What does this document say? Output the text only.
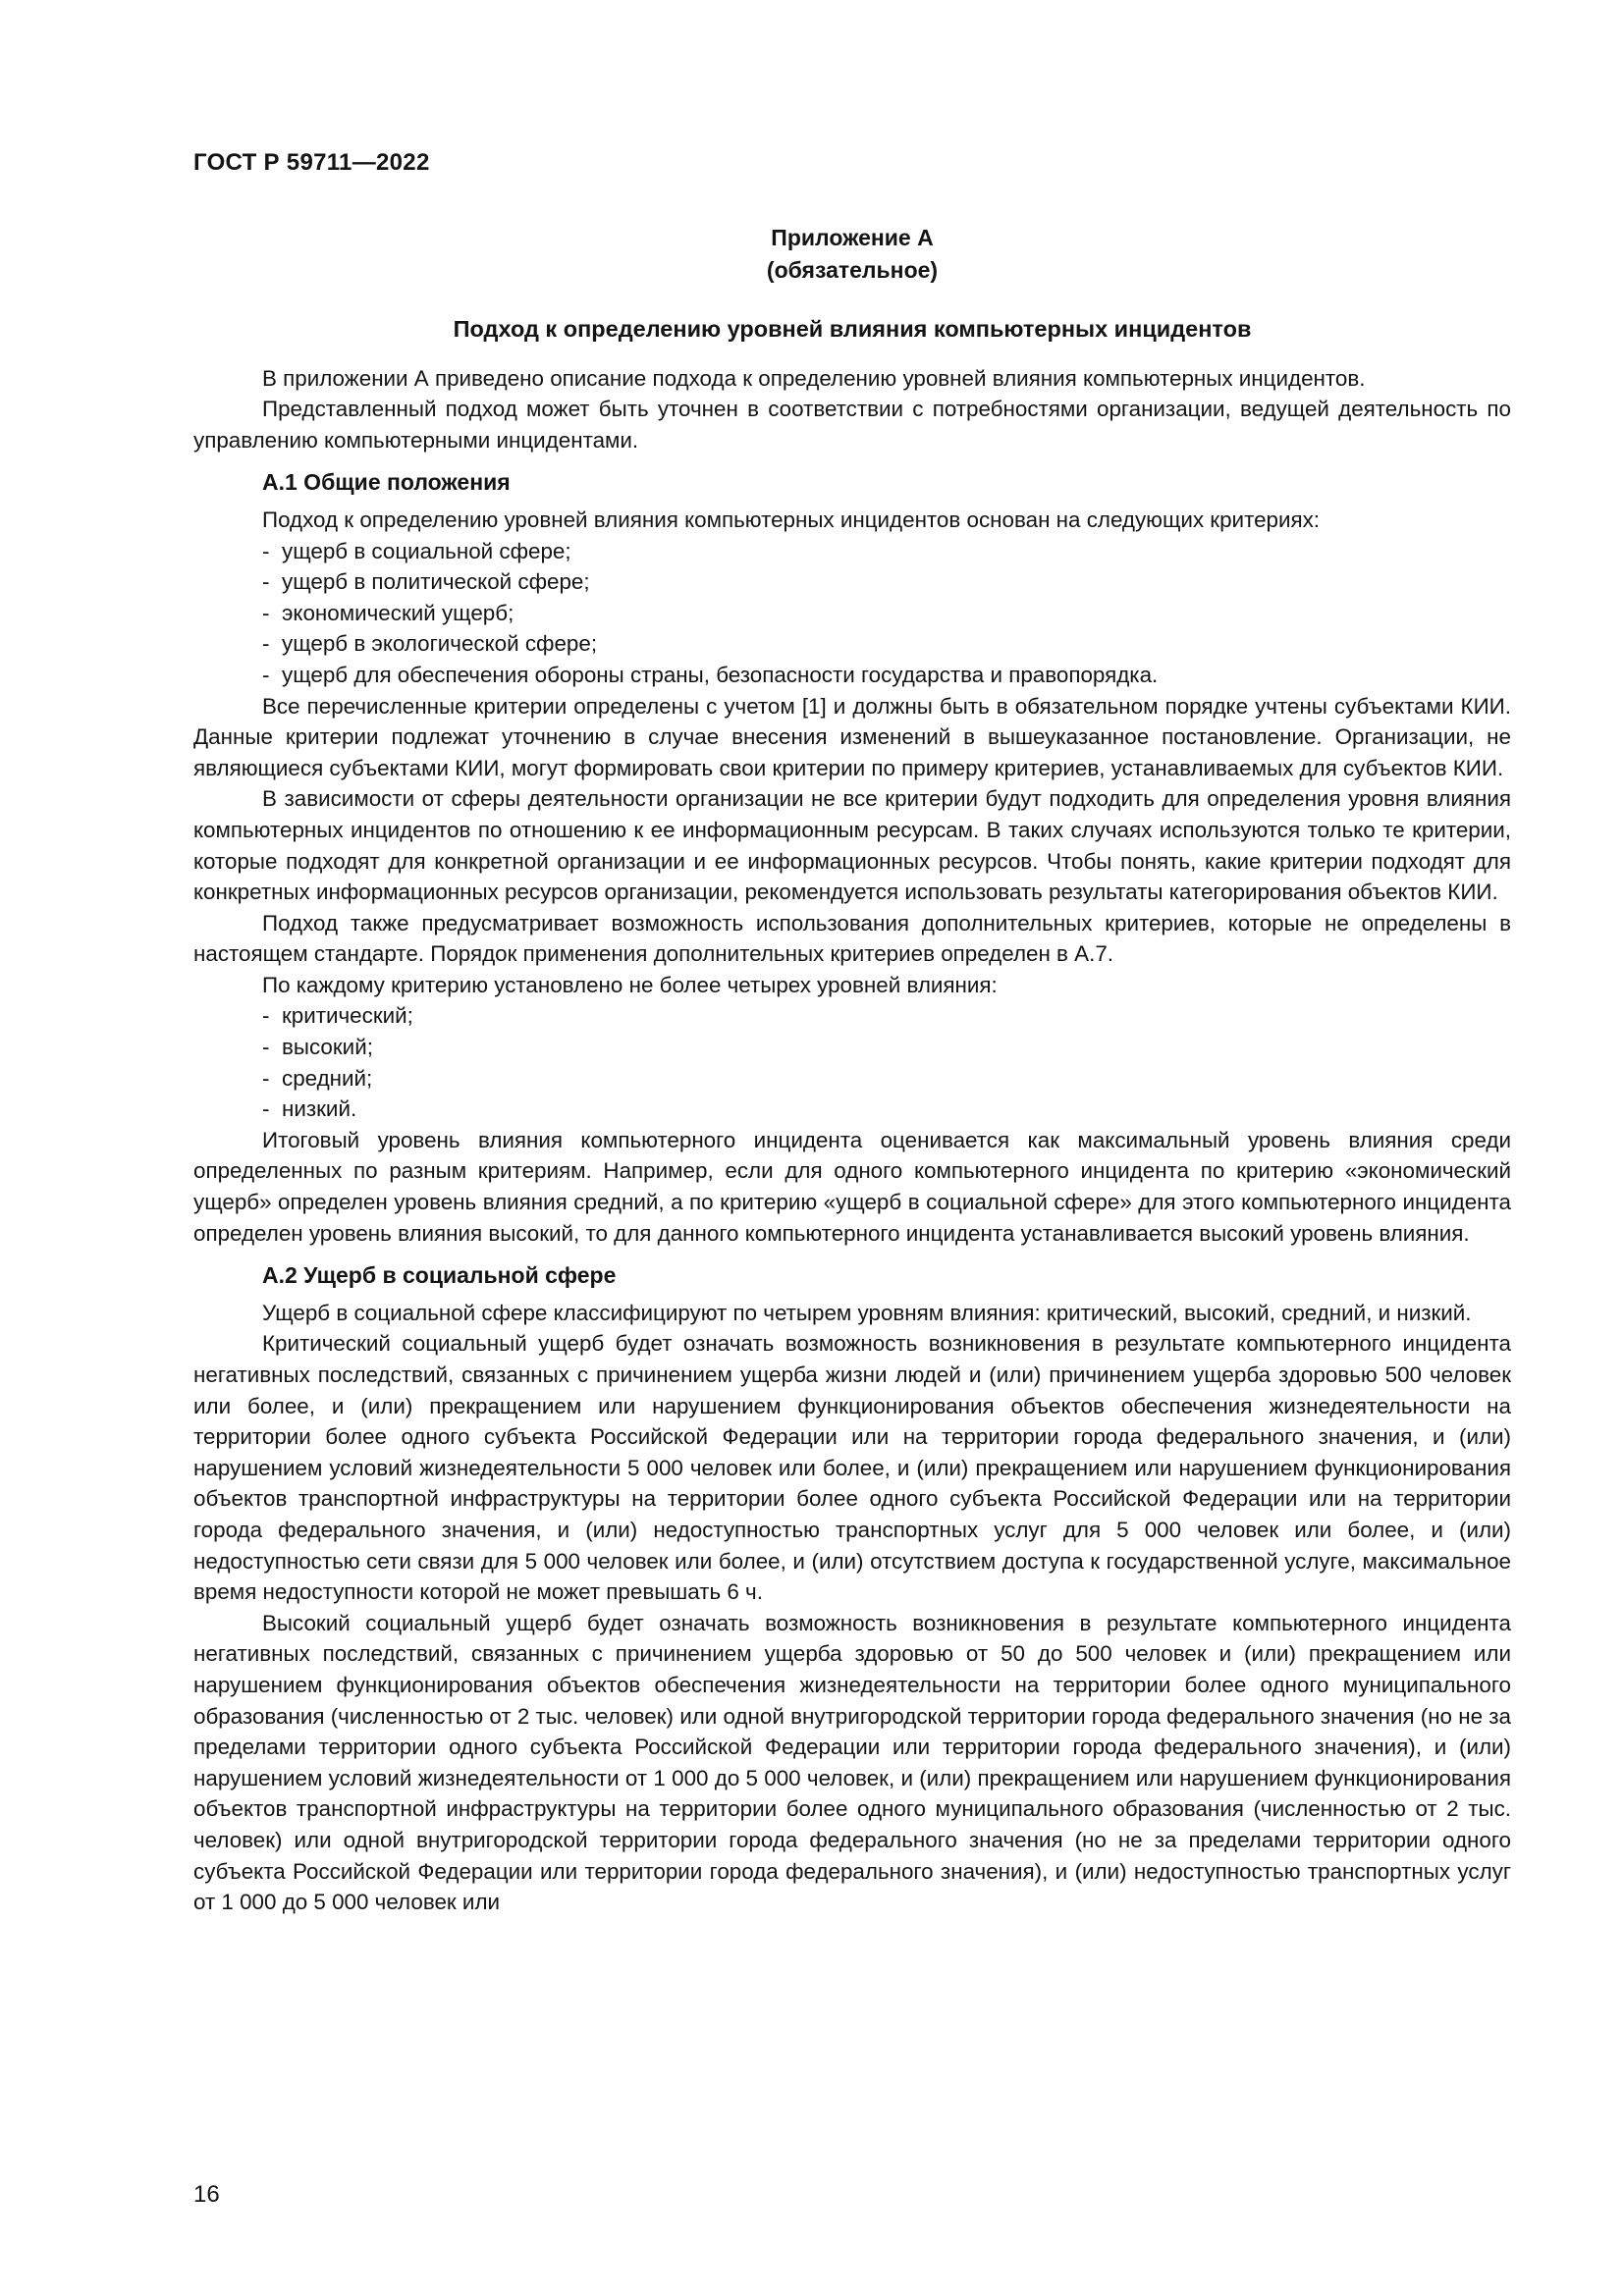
ГОСТ Р 59711—2022
Приложение А
(обязательное)
Подход к определению уровней влияния компьютерных инцидентов

В приложении А приведено описание подхода к определению уровней влияния компьютерных инцидентов.

Представленный подход может быть уточнен в соответствии с потребностями организации, ведущей деятельность по управлению компьютерными инцидентами.

А.1 Общие положения

Подход к определению уровней влияния компьютерных инцидентов основан на следующих критериях:

- ущерб в социальной сфере;
- ущерб в политической сфере;
- экономический ущерб;
- ущерб в экологической сфере;
- ущерб для обеспечения обороны страны, безопасности государства и правопорядка.

Все перечисленные критерии определены с учетом [1] и должны быть в обязательном порядке учтены субъектами КИИ. Данные критерии подлежат уточнению в случае внесения изменений в вышеуказанное постановление. Организации, не являющиеся субъектами КИИ, могут формировать свои критерии по примеру критериев, устанавливаемых для субъектов КИИ.

В зависимости от сферы деятельности организации не все критерии будут подходить для определения уровня влияния компьютерных инцидентов по отношению к ее информационным ресурсам. В таких случаях используются только те критерии, которые подходят для конкретной организации и ее информационных ресурсов. Чтобы понять, какие критерии подходят для конкретных информационных ресурсов организации, рекомендуется использовать результаты категорирования объектов КИИ.

Подход также предусматривает возможность использования дополнительных критериев, которые не определены в настоящем стандарте. Порядок применения дополнительных критериев определен в А.7.

По каждому критерию установлено не более четырех уровней влияния:

- критический;
- высокий;
- средний;
- низкий.

Итоговый уровень влияния компьютерного инцидента оценивается как максимальный уровень влияния среди определенных по разным критериям. Например, если для одного компьютерного инцидента по критерию «экономический ущерб» определен уровень влияния средний, а по критерию «ущерб в социальной сфере» для этого компьютерного инцидента определен уровень влияния высокий, то для данного компьютерного инцидента устанавливается высокий уровень влияния.

А.2 Ущерб в социальной сфере

Ущерб в социальной сфере классифицируют по четырем уровням влияния: критический, высокий, средний, и низкий.

Критический социальный ущерб будет означать возможность возникновения в результате компьютерного инцидента негативных последствий, связанных с причинением ущерба жизни людей и (или) причинением ущерба здоровью 500 человек или более, и (или) прекращением или нарушением функционирования объектов обеспечения жизнедеятельности на территории более одного субъекта Российской Федерации или на территории города федерального значения, и (или) нарушением условий жизнедеятельности 5 000 человек или более, и (или) прекращением или нарушением функционирования объектов транспортной инфраструктуры на территории более одного субъекта Российской Федерации или на территории города федерального значения, и (или) недоступностью транспортных услуг для 5 000 человек или более, и (или) недоступностью сети связи для 5 000 человек или более, и (или) отсутствием доступа к государственной услуге, максимальное время недоступности которой не может превышать 6 ч.

Высокий социальный ущерб будет означать возможность возникновения в результате компьютерного инцидента негативных последствий, связанных с причинением ущерба здоровью от 50 до 500 человек и (или) прекращением или нарушением функционирования объектов обеспечения жизнедеятельности на территории более одного муниципального образования (численностью от 2 тыс. человек) или одной внутригородской территории города федерального значения (но не за пределами территории одного субъекта Российской Федерации или территории города федерального значения), и (или) нарушением условий жизнедеятельности от 1 000 до 5 000 человек, и (или) прекращением или нарушением функционирования объектов транспортной инфраструктуры на территории более одного муниципального образования (численностью от 2 тыс. человек) или одной внутригородской территории города федерального значения (но не за пределами территории одного субъекта Российской Федерации или территории города федерального значения), и (или) недоступностью транспортных услуг от 1 000 до 5 000 человек или

16
